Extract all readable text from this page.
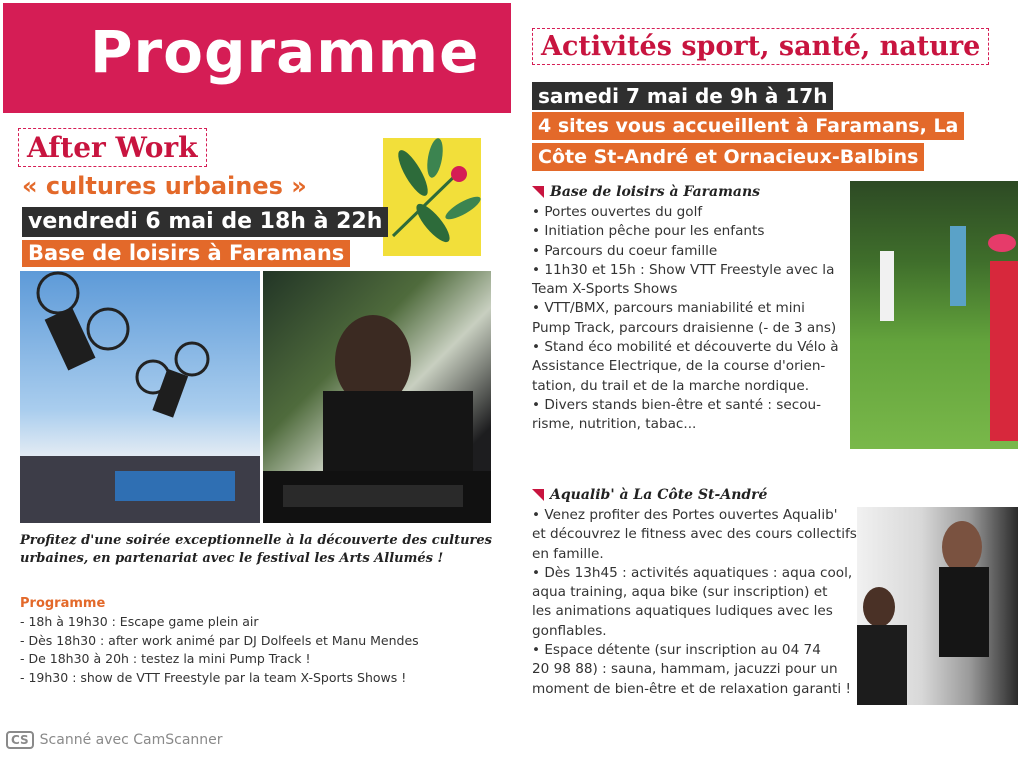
Programme
After Work
« cultures urbaines »
vendredi 6 mai de 18h à 22h
Base de loisirs à Faramans
Profitez d'une soirée exceptionnelle à la découverte des cultures urbaines, en partenariat avec le festival les Arts Allumés !
Programme
- 18h à 19h30 : Escape game plein air
- Dès 18h30 : after work animé par DJ Dolfeels et Manu Mendes
- De 18h30 à 20h : testez la mini Pump Track !
- 19h30 : show de VTT Freestyle par la team X-Sports Shows !
Activités sport, santé, nature
samedi 7 mai de 9h à 17h
4 sites vous accueillent à Faramans, La
Côte St-André et Ornacieux-Balbins
Base de loisirs à Faramans
• Portes ouvertes du golf
• Initiation pêche pour les enfants
• Parcours du coeur famille
• 11h30 et 15h : Show VTT Freestyle avec la
Team X-Sports Shows
• VTT/BMX, parcours maniabilité et mini
Pump Track, parcours draisienne (- de 3 ans)
• Stand éco mobilité et découverte du Vélo à
Assistance Electrique, de la course d'orien-
tation, du trail et de la marche nordique.
• Divers stands bien-être et santé : secou-
risme, nutrition, tabac...
Aqualib' à La Côte St-André
• Venez profiter des Portes ouvertes Aqualib'
et découvrez le fitness avec des cours collectifs
en famille.
• Dès 13h45 : activités aquatiques : aqua cool,
aqua training, aqua bike (sur inscription) et
les animations aquatiques ludiques avec les
gonflables.
• Espace détente (sur inscription au 04 74
20 98 88) : sauna, hammam, jacuzzi pour un
moment de bien-être et de relaxation garanti !
CS Scanné avec CamScanner
